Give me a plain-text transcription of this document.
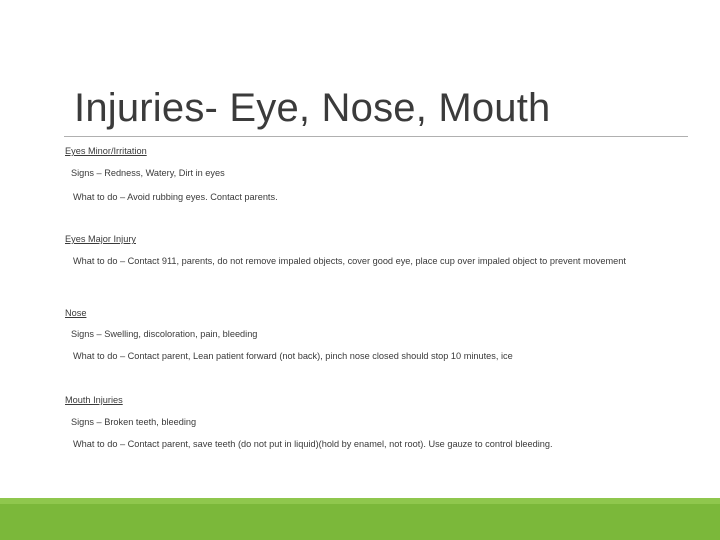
Injuries- Eye, Nose, Mouth
Eyes Minor/Irritation
Signs – Redness, Watery, Dirt in eyes
What to do – Avoid rubbing eyes. Contact parents.
Eyes Major Injury
What to do – Contact 911, parents, do not remove impaled objects, cover good eye, place cup over impaled object to prevent movement
Nose
Signs – Swelling, discoloration, pain, bleeding
What to do – Contact parent, Lean patient forward (not back), pinch nose closed should stop 10 minutes, ice
Mouth Injuries
Signs – Broken teeth, bleeding
What to do – Contact parent, save teeth (do not put in liquid)(hold by enamel, not root). Use gauze to control bleeding.
